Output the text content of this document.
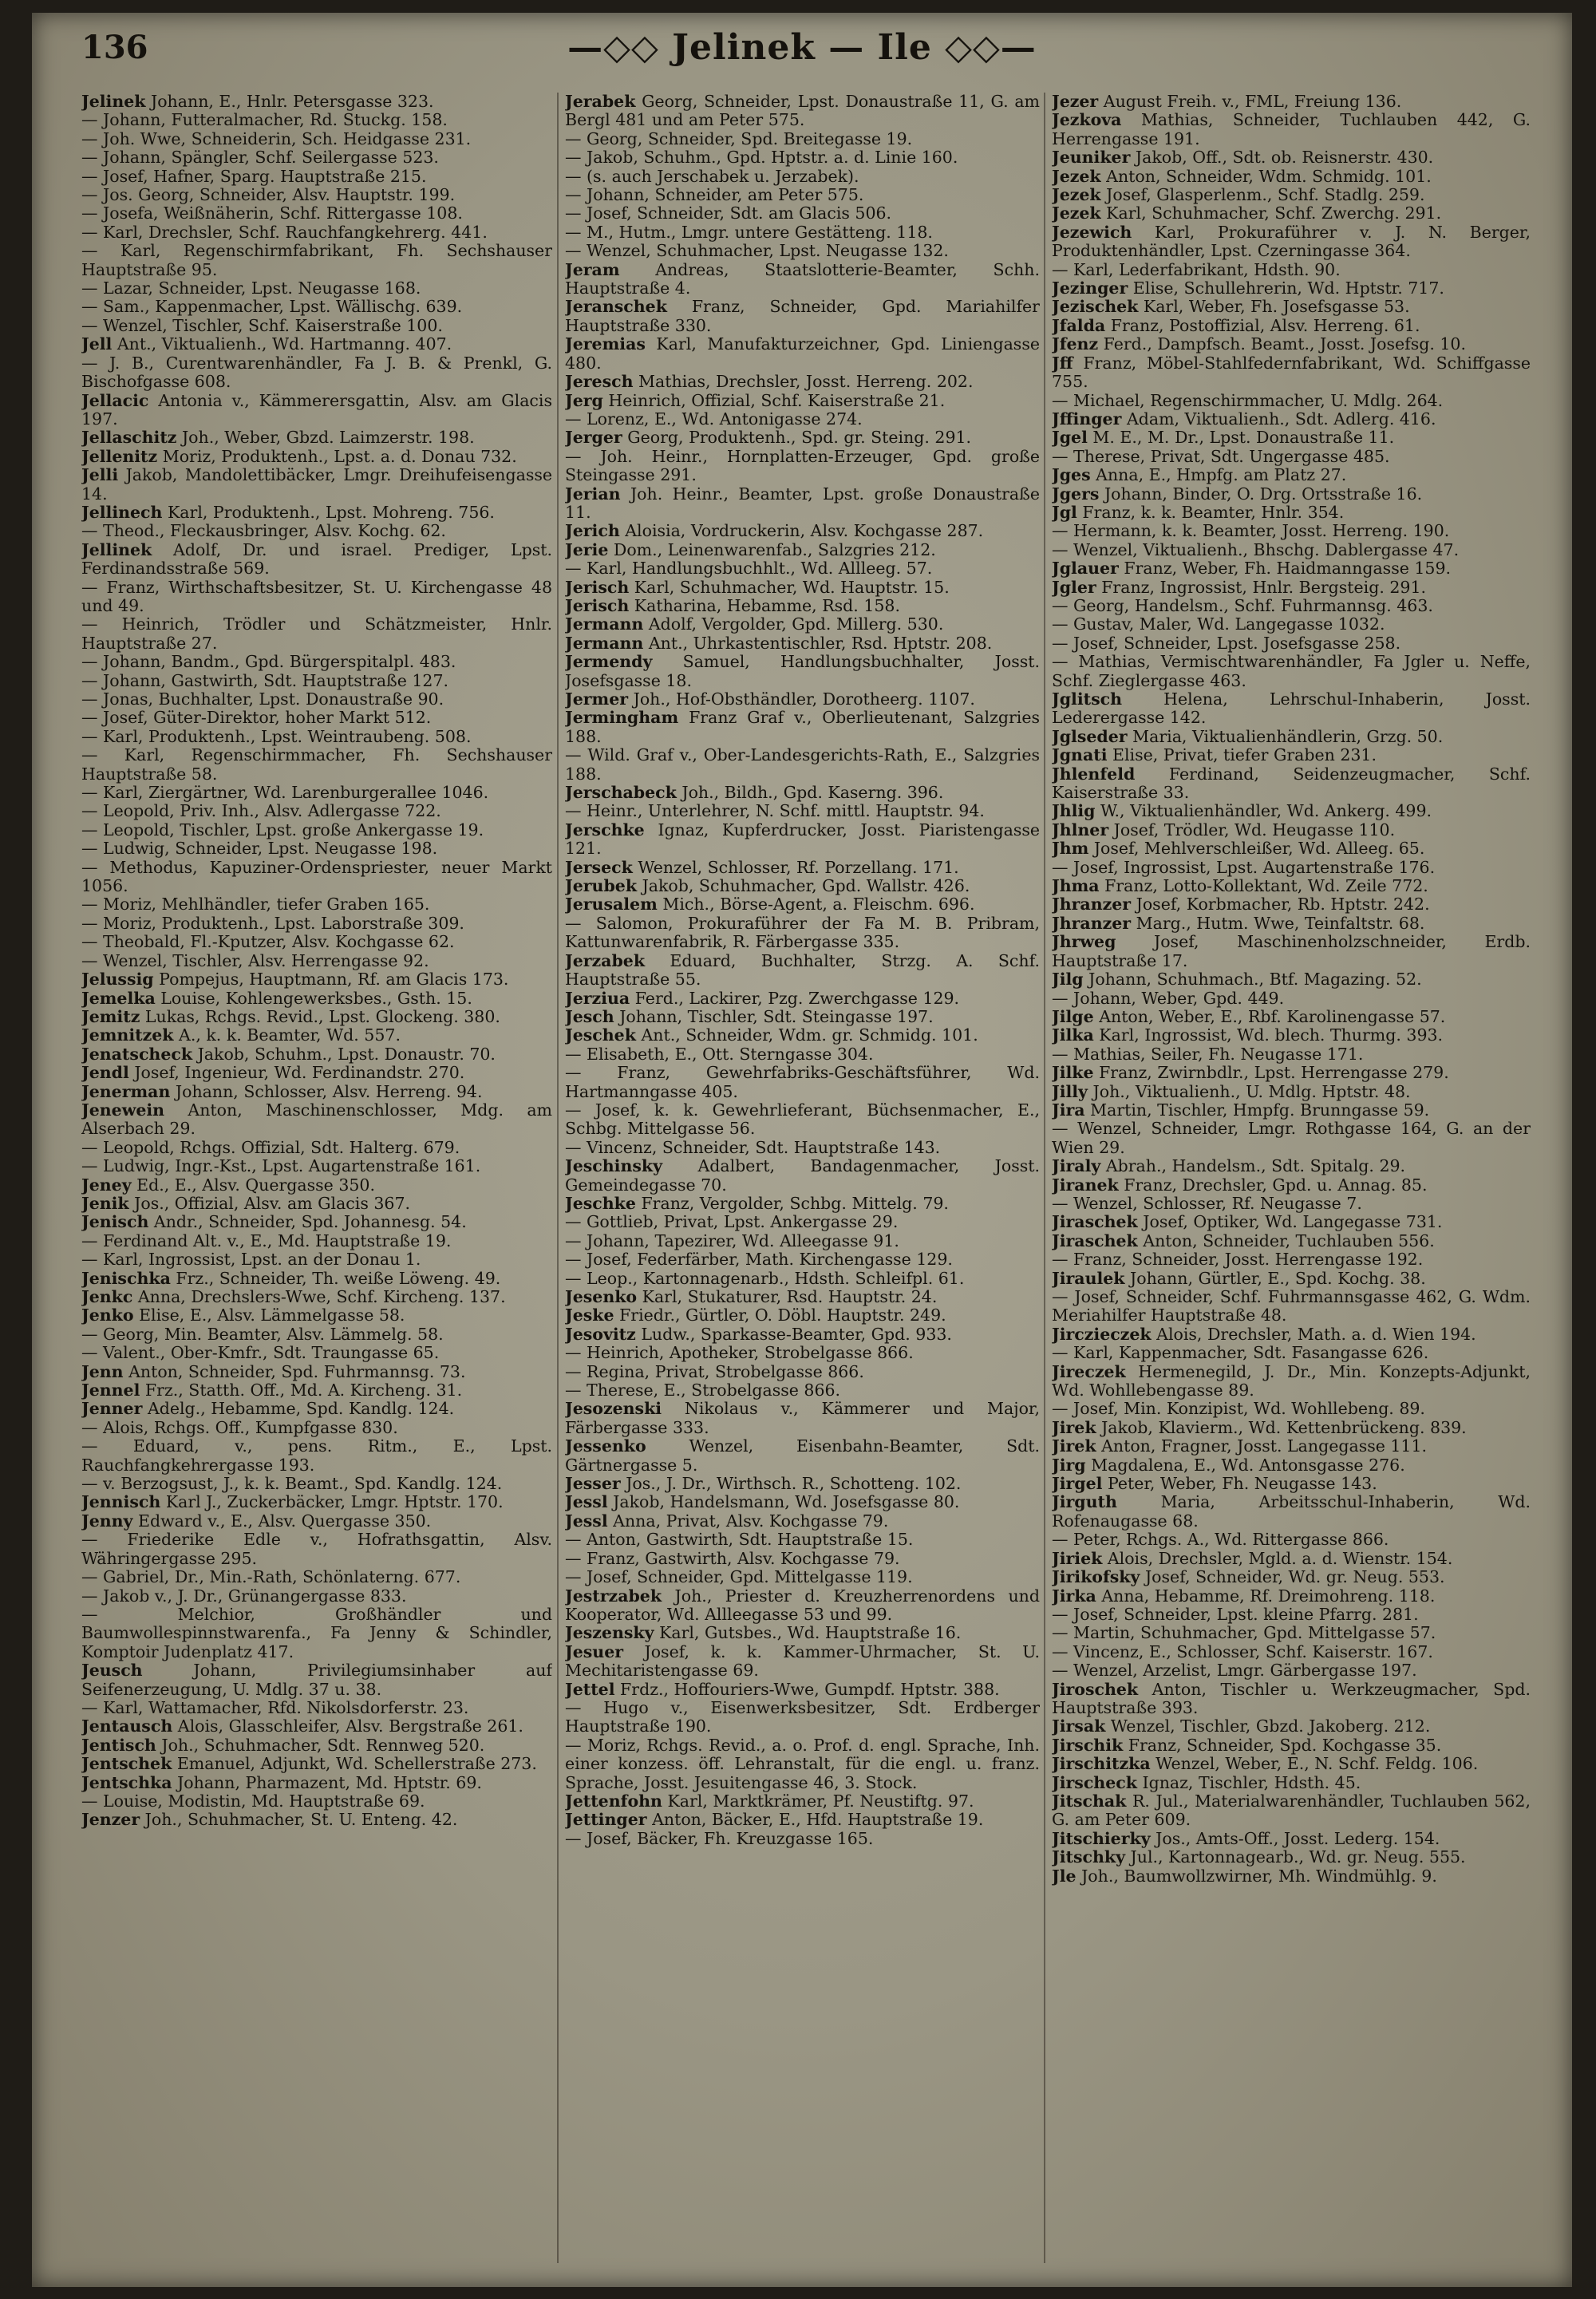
136	—◇◇ Jelinek — Ile ◇◇—

Jelinek Johann, E., Hnlr. Petersgasse 323.

— Johann, Futteralmacher, Rd. Stuckg. 158.

— Joh. Wwe, Schneiderin, Sch. Heidgasse 231.

— Johann, Spängler, Schf. Seilergasse 523.

— Josef, Hafner, Sparg. Hauptstraße 215.

— Jos. Georg, Schneider, Alsv. Hauptstr. 199.

— Josefa, Weißnäherin, Schf. Rittergasse 108.

— Karl, Drechsler, Schf. Rauchfangkehrerg. 441.

— Karl, Regenschirmfabrikant, Fh. Sechshauser Hauptstraße 95.

— Lazar, Schneider, Lpst. Neugasse 168.

— Sam., Kappenmacher, Lpst. Wällischg. 639.

— Wenzel, Tischler, Schf. Kaiserstraße 100.

Jell Ant., Viktualienh., Wd. Hartmanng. 407.

— J. B., Curentwarenhändler, Fa J. B. & Prenkl, G. Bischofgasse 608.

Jellacic Antonia v., Kämmerersgattin, Alsv. am Glacis 197.

Jellaschitz Joh., Weber, Gbzd. Laimzerstr. 198.

Jellenitz Moriz, Produktenh., Lpst. a. d. Donau 732.

Jelli Jakob, Mandolettibäcker, Lmgr. Dreihufeisengasse 14.

Jellinech Karl, Produktenh., Lpst. Mohreng. 756.

— Theod., Fleckausbringer, Alsv. Kochg. 62.

Jellinek Adolf, Dr. und israel. Prediger, Lpst. Ferdinandsstraße 569.

— Franz, Wirthschaftsbesitzer, St. U. Kirchengasse 48 und 49.

— Heinrich, Trödler und Schätzmeister, Hnlr. Hauptstraße 27.

— Johann, Bandm., Gpd. Bürgerspitalpl. 483.

— Johann, Gastwirth, Sdt. Hauptstraße 127.

— Jonas, Buchhalter, Lpst. Donaustraße 90.

— Josef, Güter-Direktor, hoher Markt 512.

— Karl, Produktenh., Lpst. Weintraubeng. 508.

— Karl, Regenschirmmacher, Fh. Sechshauser Hauptstraße 58.

— Karl, Ziergärtner, Wd. Larenburgerallee 1046.

— Leopold, Priv. Inh., Alsv. Adlergasse 722.

— Leopold, Tischler, Lpst. große Ankergasse 19.

— Ludwig, Schneider, Lpst. Neugasse 198.

— Methodus, Kapuziner-Ordenspriester, neuer Markt 1056.

— Moriz, Mehlhändler, tiefer Graben 165.

— Moriz, Produktenh., Lpst. Laborstraße 309.

— Theobald, Fl.-Kputzer, Alsv. Kochgasse 62.

— Wenzel, Tischler, Alsv. Herrengasse 92.

Jelussig Pompejus, Hauptmann, Rf. am Glacis 173.

Jemelka Louise, Kohlengewerksbes., Gsth. 15.

Jemitz Lukas, Rchgs. Revid., Lpst. Glockeng. 380.

Jemnitzek A., k. k. Beamter, Wd. 557.

Jenatscheck Jakob, Schuhm., Lpst. Donaustr. 70.

Jendl Josef, Ingenieur, Wd. Ferdinandstr. 270.

Jenerman Johann, Schlosser, Alsv. Herreng. 94.

Jenewein Anton, Maschinenschlosser, Mdg. am Alserbach 29.

— Leopold, Rchgs. Offizial, Sdt. Halterg. 679.

— Ludwig, Ingr.-Kst., Lpst. Augartenstraße 161.

Jeney Ed., E., Alsv. Quergasse 350.

Jenik Jos., Offizial, Alsv. am Glacis 367.

Jenisch Andr., Schneider, Spd. Johannesg. 54.

— Ferdinand Alt. v., E., Md. Hauptstraße 19.

— Karl, Ingrossist, Lpst. an der Donau 1.

Jenischka Frz., Schneider, Th. weiße Löweng. 49.

Jenkc Anna, Drechslers-Wwe, Schf. Kircheng. 137.

Jenko Elise, E., Alsv. Lämmelgasse 58.

— Georg, Min. Beamter, Alsv. Lämmelg. 58.

— Valent., Ober-Kmfr., Sdt. Traungasse 65.

Jenn Anton, Schneider, Spd. Fuhrmannsg. 73.

Jennel Frz., Statth. Off., Md. A. Kircheng. 31.

Jenner Adelg., Hebamme, Spd. Kandlg. 124.

— Alois, Rchgs. Off., Kumpfgasse 830.

— Eduard, v., pens. Ritm., E., Lpst. Rauchfangkehrergasse 193.

— v. Berzogsust, J., k. k. Beamt., Spd. Kandlg. 124.

Jennisch Karl J., Zuckerbäcker, Lmgr. Hptstr. 170.

Jenny Edward v., E., Alsv. Quergasse 350.

— Friederike Edle v., Hofrathsgattin, Alsv. Währingergasse 295.

— Gabriel, Dr., Min.-Rath, Schönlaterng. 677.

— Jakob v., J. Dr., Grünangergasse 833.

— Melchior, Großhändler und Baumwollespinnstwarenfa., Fa Jenny & Schindler, Komptoir Judenplatz 417.

Jeusch	Johann, Privilegiumsinhaber auf Seifenerzeugung, U. Mdlg. 37 u. 38.

— Karl, Wattamacher, Rfd. Nikolsdorferstr. 23.

Jentausch Alois, Glasschleifer, Alsv. Bergstraße 261.

Jentisch Joh., Schuhmacher, Sdt. Rennweg 520.

Jentschek Emanuel, Adjunkt, Wd. Schellerstraße 273.

Jentschka Johann, Pharmazent, Md. Hptstr. 69.

— Louise, Modistin, Md. Hauptstraße 69.

Jenzer Joh., Schuhmacher, St. U. Enteng. 42.

Jerabek Georg, Schneider, Lpst. Donaustraße 11, G. am Bergl 481 und am Peter 575.

— Georg, Schneider, Spd. Breitegasse 19.

— Jakob, Schuhm., Gpd. Hptstr. a. d. Linie 160.

— (s. auch Jerschabek u. Jerzabek).

— Johann, Schneider, am Peter 575.

— Josef, Schneider, Sdt. am Glacis 506.

— M., Hutm., Lmgr. untere Gestätteng. 118.

— Wenzel, Schuhmacher, Lpst. Neugasse 132.

Jeram Andreas, Staatslotterie-Beamter, Schh. Hauptstraße 4.

Jeranschek Franz, Schneider, Gpd. Mariahilfer Hauptstraße 330.

Jeremias Karl, Manufakturzeichner, Gpd. Liniengasse 480.

Jeresch Mathias, Drechsler, Josst. Herreng. 202.

Jerg Heinrich, Offizial, Schf. Kaiserstraße 21.

— Lorenz, E., Wd. Antonigasse 274.

Jerger Georg, Produktenh., Spd. gr. Steing. 291.

— Joh. Heinr., Hornplatten-Erzeuger, Gpd. große Steingasse 291.

Jerian Joh. Heinr., Beamter, Lpst. große Donaustraße 11.

Jerich Aloisia, Vordruckerin, Alsv. Kochgasse 287.

Jerie Dom., Leinenwarenfab., Salzgries 212.

— Karl, Handlungsbuchhlt., Wd. Allleeg. 57.

Jerisch Karl, Schuhmacher, Wd. Hauptstr. 15.

Jerisch Katharina, Hebamme, Rsd. 158.

Jermann Adolf, Vergolder, Gpd. Millerg. 530.

Jermann Ant., Uhrkastentischler, Rsd. Hptstr. 208.

Jermendy Samuel, Handlungsbuchhalter, Josst. Josefsgasse 18.

Jermer Joh., Hof-Obsthändler, Dorotheerg. 1107.

Jermingham Franz Graf v., Oberlieutenant, Salzgries 188.

— Wild. Graf v., Ober-Landesgerichts-Rath, E., Salzgries 188.

Jerschabeck Joh., Bildh., Gpd. Kaserng. 396.

— Heinr., Unterlehrer, N. Schf. mittl. Hauptstr. 94.

Jerschke Ignaz, Kupferdrucker, Josst. Piaristengasse 121.

Jerseck Wenzel, Schlosser, Rf. Porzellang. 171.

Jerubek Jakob, Schuhmacher, Gpd. Wallstr. 426.

Jerusalem Mich., Börse-Agent, a. Fleischm. 696.

— Salomon, Prokuraführer der Fa M. B. Pribram, Kattunwarenfabrik, R. Färbergasse 335.

Jerzabek Eduard, Buchhalter, Strzg. A. Schf. Hauptstraße 55.

Jerziua Ferd., Lackirer, Pzg. Zwerchgasse 129.

Jesch Johann, Tischler, Sdt. Steingasse 197.

Jeschek Ant., Schneider, Wdm. gr. Schmidg. 101.

— Elisabeth, E., Ott. Sterngasse 304.

— Franz, Gewehrfabriks-Geschäftsführer, Wd. Hartmanngasse 405.

— Josef, k. k. Gewehrlieferant, Büchsenmacher, E., Schbg. Mittelgasse 56.

— Vincenz, Schneider, Sdt. Hauptstraße 143.

Jeschinsky Adalbert, Bandagenmacher, Josst. Gemeindegasse 70.

Jeschke Franz, Vergolder, Schbg. Mittelg. 79.

— Gottlieb, Privat, Lpst. Ankergasse 29.

— Johann, Tapezirer, Wd. Alleegasse 91.

— Josef, Federfärber, Math. Kirchengasse 129.

— Leop., Kartonnagenarb., Hdsth. Schleifpl. 61.

Jesenko Karl, Stukaturer, Rsd. Hauptstr. 24.

Jeske Friedr., Gürtler, O. Döbl. Hauptstr. 249.

Jesovitz Ludw., Sparkasse-Beamter, Gpd. 933.

— Heinrich, Apotheker, Strobelgasse 866.

— Regina, Privat, Strobelgasse 866.

— Therese, E., Strobelgasse 866.

Jesozenski Nikolaus v., Kämmerer und Major, Färbergasse 333.

Jessenko	Wenzel, Eisenbahn-Beamter, Sdt. Gärtnergasse 5.

Jesser Jos., J. Dr., Wirthsch. R., Schotteng. 102.

Jessl Jakob, Handelsmann, Wd. Josefsgasse 80.

Jessl Anna, Privat, Alsv. Kochgasse 79.

— Anton, Gastwirth, Sdt. Hauptstraße 15.

— Franz, Gastwirth, Alsv. Kochgasse 79.

— Josef, Schneider, Gpd. Mittelgasse 119.

Jestrzabek Joh., Priester d. Kreuzherrenordens und Kooperator, Wd. Allleegasse 53 und 99.

Jeszensky Karl, Gutsbes., Wd. Hauptstraße 16.

Jesuer Josef, k. k. Kammer-Uhrmacher, St. U. Mechitaristengasse 69.

Jettel Frdz., Hoffouriers-Wwe, Gumpdf. Hptstr. 388.

— Hugo v., Eisenwerksbesitzer, Sdt. Erdberger Hauptstraße 190.

— Moriz, Rchgs. Revid., a. o. Prof. d. engl. Sprache, Inh. einer konzess. öff. Lehranstalt, für die engl. u. franz. Sprache, Josst. Jesuitengasse 46, 3. Stock.

Jettenfohn Karl, Marktkrämer, Pf. Neustiftg. 97.

Jettinger Anton, Bäcker, E., Hfd. Hauptstraße 19.

— Josef, Bäcker, Fh. Kreuzgasse 165.

Jezer August Freih. v., FML, Freiung 136.

Jezkova Mathias, Schneider, Tuchlauben 442, G. Herrengasse 191.

Jeuniker Jakob, Off., Sdt. ob. Reisnerstr. 430.

Jezek Anton, Schneider, Wdm. Schmidg. 101.

Jezek Josef, Glasperlenm., Schf. Stadlg. 259.

Jezek Karl, Schuhmacher, Schf. Zwerchg. 291.

Jezewich Karl, Prokuraführer v. J. N. Berger, Produktenhändler, Lpst. Czerningasse 364.

— Karl, Lederfabrikant, Hdsth. 90.

Jezinger Elise, Schullehrerin, Wd. Hptstr. 717.

Jezischek Karl, Weber, Fh. Josefsgasse 53.

Jfalda Franz, Postoffizial, Alsv. Herreng. 61.

Jfenz Ferd., Dampfsch. Beamt., Josst. Josefsg. 10.

Jff Franz, Möbel-Stahlfedernfabrikant, Wd. Schiffgasse 755.

— Michael, Regenschirmmacher, U. Mdlg. 264.

Jffinger Adam, Viktualienh., Sdt. Adlerg. 416.

Jgel M. E., M. Dr., Lpst. Donaustraße 11.

— Therese, Privat, Sdt. Ungergasse 485.

Jges Anna, E., Hmpfg. am Platz 27.

Jgers Johann, Binder, O. Drg. Ortsstraße 16.

Jgl Franz, k. k. Beamter, Hnlr. 354.

— Hermann, k. k. Beamter, Josst. Herreng. 190.

— Wenzel, Viktualienh., Bhschg. Dablergasse 47.

Jglauer Franz, Weber, Fh. Haidmanngasse 159.

Jgler Franz, Ingrossist, Hnlr. Bergsteig. 291.

— Georg, Handelsm., Schf. Fuhrmannsg. 463.

— Gustav, Maler, Wd. Langegasse 1032.

— Josef, Schneider, Lpst. Josefsgasse 258.

— Mathias, Vermischtwarenhändler, Fa Jgler u. Neffe, Schf. Zieglergasse 463.

Jglitsch	Helena, Lehrschul-Inhaberin, Josst. Lederergasse 142.

Jglseder Maria, Viktualienhändlerin, Grzg. 50.

Jgnati Elise, Privat, tiefer Graben 231.

Jhlenfeld Ferdinand, Seidenzeugmacher, Schf. Kaiserstraße 33.

Jhlig W., Viktualienhändler, Wd. Ankerg. 499.

Jhlner Josef, Trödler, Wd. Heugasse 110.

Jhm Josef, Mehlverschleißer, Wd. Alleeg. 65.

— Josef, Ingrossist, Lpst. Augartenstraße 176.

Jhma Franz, Lotto-Kollektant, Wd. Zeile 772.

Jhranzer Josef, Korbmacher, Rb. Hptstr. 242.

Jhranzer Marg., Hutm. Wwe, Teinfaltstr. 68.

Jhrweg Josef, Maschinenholzschneider, Erdb. Hauptstraße 17.

Jilg Johann, Schuhmach., Btf. Magazing. 52.

— Johann, Weber, Gpd. 449.

Jilge Anton, Weber, E., Rbf. Karolinengasse 57.

Jilka Karl, Ingrossist, Wd. blech. Thurmg. 393.

— Mathias, Seiler, Fh. Neugasse 171.

Jilke Franz, Zwirnbdlr., Lpst. Herrengasse 279.

Jilly Joh., Viktualienh., U. Mdlg. Hptstr. 48.

Jira Martin, Tischler, Hmpfg. Brunngasse 59.

— Wenzel, Schneider, Lmgr. Rothgasse 164, G. an der Wien 29.

Jiraly Abrah., Handelsm., Sdt. Spitalg. 29.

Jiranek Franz, Drechsler, Gpd. u. Annag. 85.

— Wenzel, Schlosser, Rf. Neugasse 7.

Jiraschek Josef, Optiker, Wd. Langegasse 731.

Jiraschek Anton, Schneider, Tuchlauben 556.

— Franz, Schneider, Josst. Herrengasse 192.

Jiraulek Johann, Gürtler, E., Spd. Kochg. 38.

— Josef, Schneider, Schf. Fuhrmannsgasse 462, G. Wdm. Meriahilfer Hauptstraße 48.

Jirczieczek Alois, Drechsler, Math. a. d. Wien 194.

— Karl, Kappenmacher, Sdt. Fasangasse 626.

Jireczek Hermenegild, J. Dr., Min. Konzepts-Adjunkt, Wd. Wohllebengasse 89.

— Josef, Min. Konzipist, Wd. Wohllebeng. 89.

Jirek Jakob, Klavierm., Wd. Kettenbrückeng. 839.

Jirek Anton, Fragner, Josst. Langegasse 111.

Jirg Magdalena, E., Wd. Antonsgasse 276.

Jirgel Peter, Weber, Fh. Neugasse 143.

Jirguth	Maria, Arbeitsschul-Inhaberin, Wd. Rofenaugasse 68.

— Peter, Rchgs. A., Wd. Rittergasse 866.

Jiriek Alois, Drechsler, Mgld. a. d. Wienstr. 154.

Jirikofsky Josef, Schneider, Wd. gr. Neug. 553.

Jirka Anna, Hebamme, Rf. Dreimohreng. 118.

— Josef, Schneider, Lpst. kleine Pfarrg. 281.

— Martin, Schuhmacher, Gpd. Mittelgasse 57.

— Vincenz, E., Schlosser, Schf. Kaiserstr. 167.

— Wenzel, Arzelist, Lmgr. Gärbergasse 197.

Jiroschek Anton, Tischler u. Werkzeugmacher, Spd. Hauptstraße 393.

Jirsak Wenzel, Tischler, Gbzd. Jakoberg. 212.

Jirschik Franz, Schneider, Spd. Kochgasse 35.

Jirschitzka Wenzel, Weber, E., N. Schf. Feldg. 106.

Jirscheck Ignaz, Tischler, Hdsth. 45.

Jitschak R. Jul., Materialwarenhändler, Tuchlauben 562, G. am Peter 609.

Jitschierky Jos., Amts-Off., Josst. Lederg. 154.

Jitschky Jul., Kartonnagearb., Wd. gr. Neug. 555.

Jle Joh., Baumwollzwirner, Mh. Windmühlg. 9.
